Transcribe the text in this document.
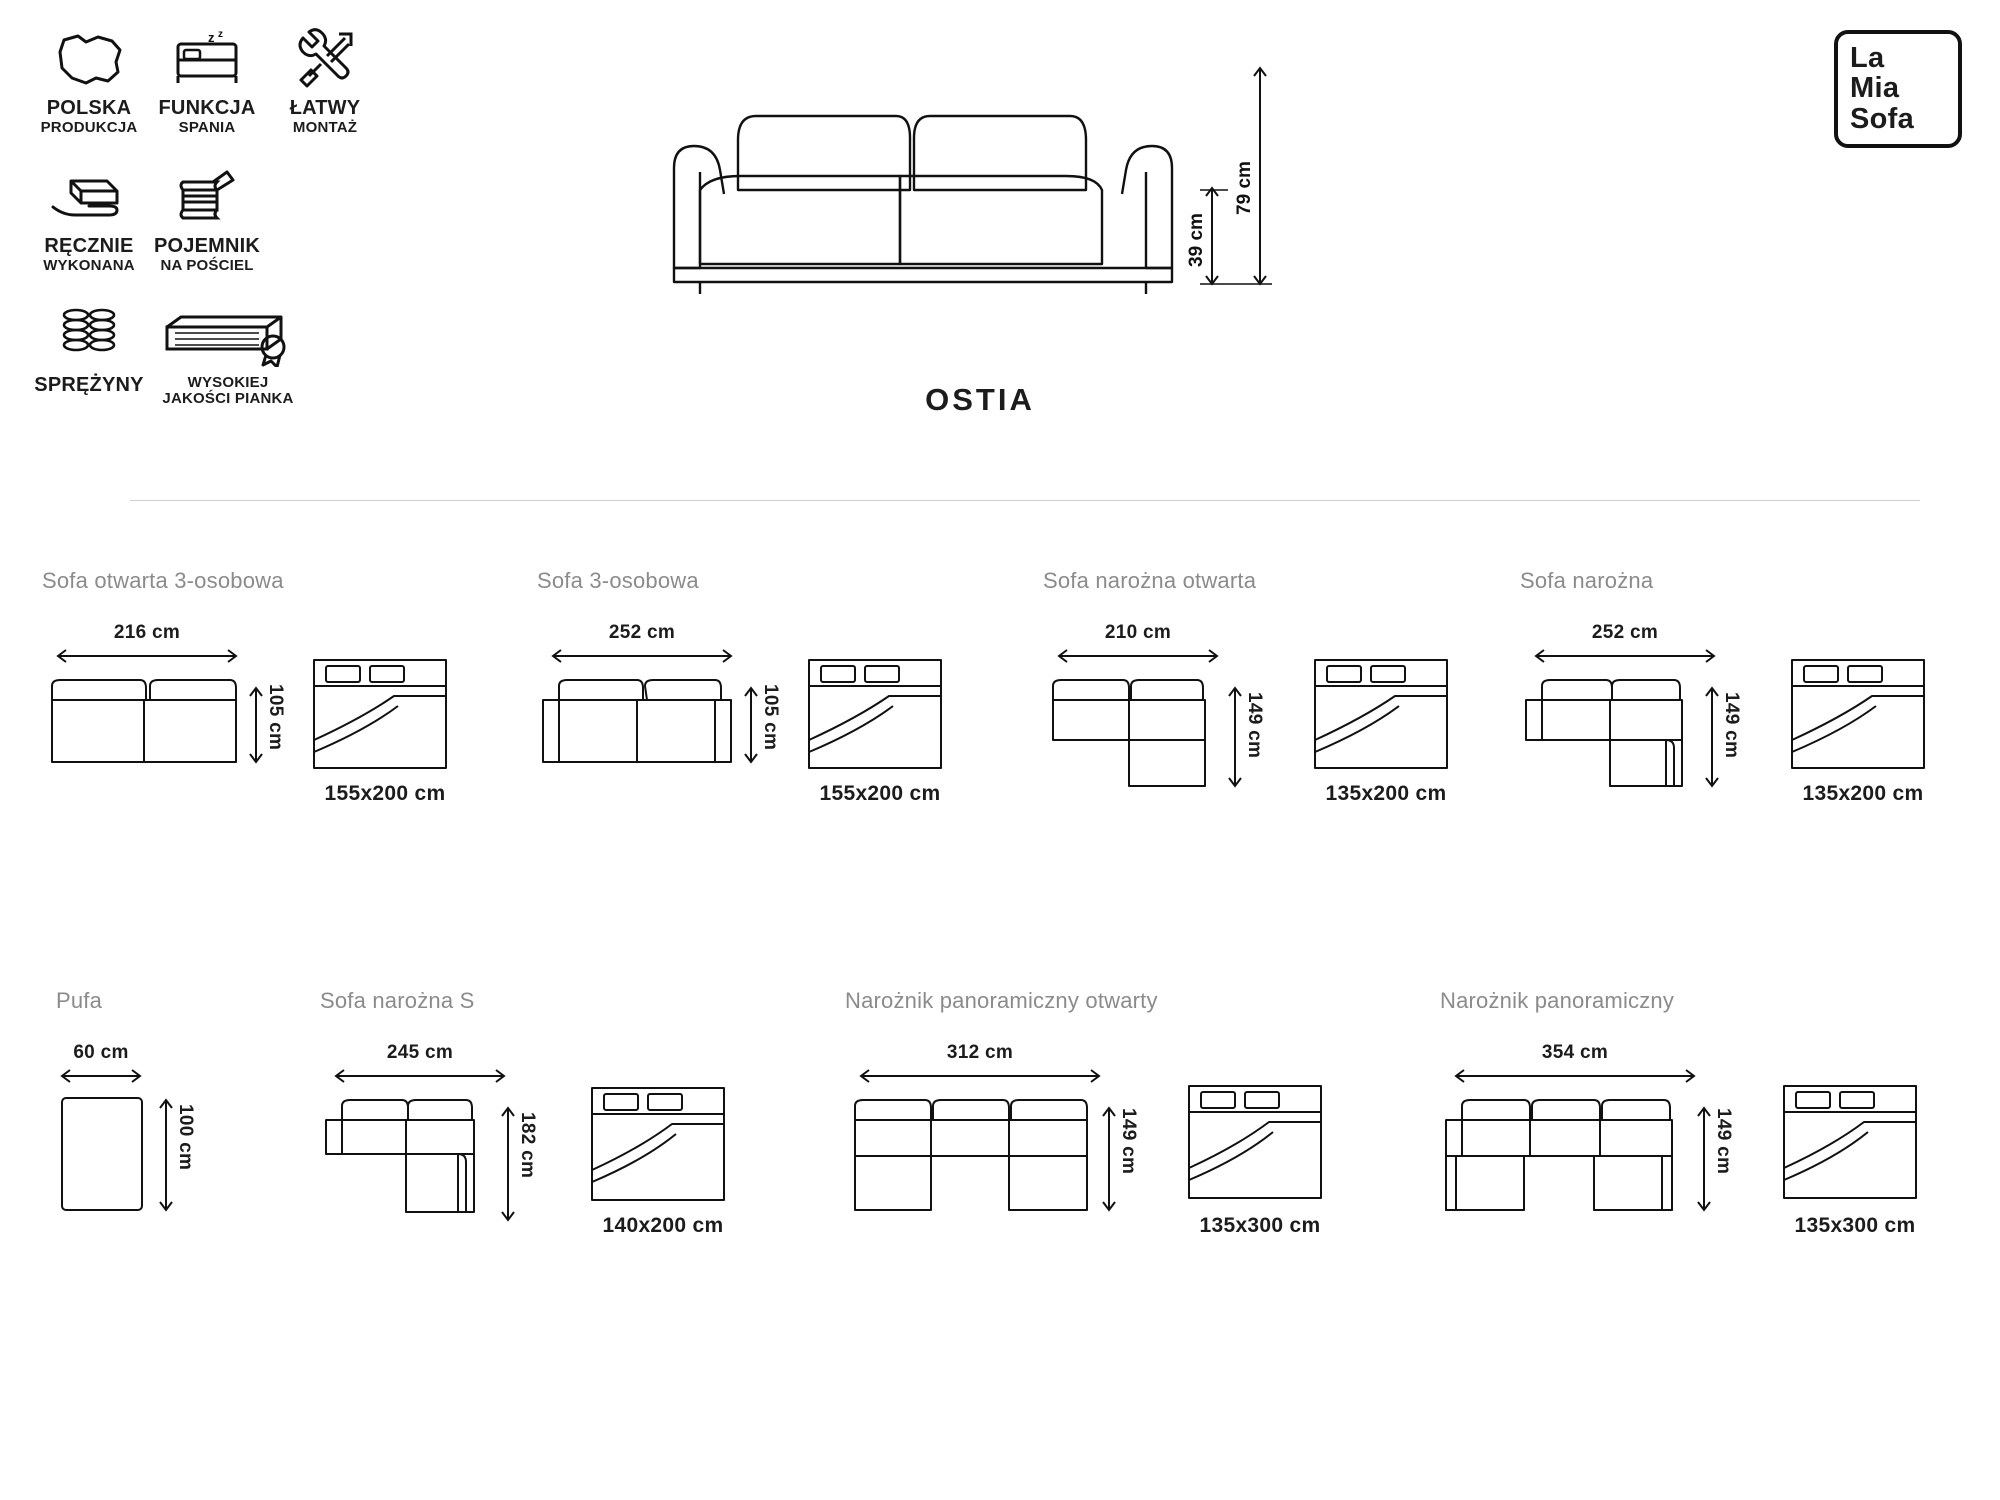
POLSKA
PRODUKCJA
z z
FUNKCJA
SPANIA
ŁATWY
MONTAŻ
RĘCZNIE
WYKONANA
POJEMNIK
NA POŚCIEL
SPRĘŻYNY	WYSOKIEJ
JAKOŚCI PIANKA
La
Mia
Sofa
79 cm
39 cm
OSTIA
Sofa otwarta 3-osobowa
216 cm
105 cm
155x200 cm
Sofa 3-osobowa
252 cm
105 cm
155x200 cm
Sofa narożna otwarta
210 cm
149 cm
135x200 cm
Sofa narożna
252 cm
149 cm
135x200 cm
Pufa
60 cm
100 cm
Sofa narożna S
245 cm
182 cm
140x200 cm
Narożnik panoramiczny otwarty
312 cm
149 cm
135x300 cm
Narożnik panoramiczny
354 cm
149 cm
135x300 cm
